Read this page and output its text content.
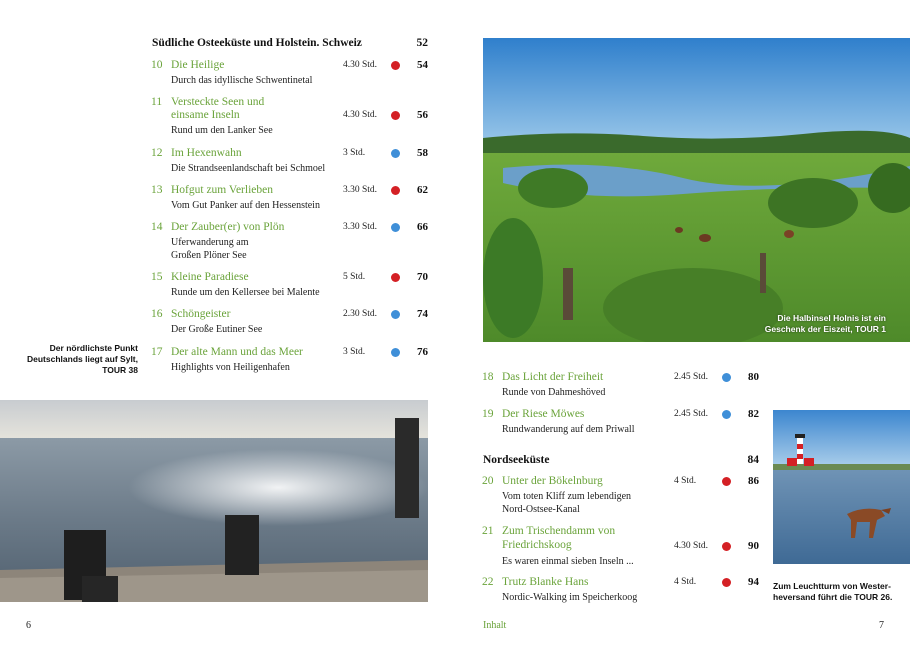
Südliche Osteeküste und Holstein. Schweiz	52
10 Die Heilige
Durch das idyllische Schwentinetal
4.30 Std.	54
11 Versteckte Seen und
einsame Inseln
Rund um den Lanker See
4.30 Std.	56
12 Im Hexenwahn
Die Strandseenlandschaft bei Schmoel
3 Std.	58
13 Hofgut zum Verlieben
Vom Gut Panker auf den Hessenstein
3.30 Std.	62
14 Der Zauber(er) von Plön
Uferwanderung am
Großen Plöner See
3.30 Std.	66
15 Kleine Paradiese
Runde um den Kellersee bei Malente
5 Std.	70
16 Schöngeister
Der Große Eutiner See
2.30 Std.	74
17 Der alte Mann und das Meer
Highlights von Heiligenhafen
3 Std.	76
Der nördlichste Punkt
Deutschlands liegt auf Sylt,
TOUR 38
6
Die Halbinsel Holnis ist ein
Geschenk der Eiszeit, TOUR 1
18 Das Licht der Freiheit
Runde von Dahmeshöved
2.45 Std.	80
19 Der Riese Möwes
Rundwanderung auf dem Priwall
2.45 Std.	82
Nordseeküste	84
20 Unter der Bökelnburg
Vom toten Kliff zum lebendigen
Nord-Ostsee-Kanal
4 Std.	86
21 Zum Trischendamm von
Friedrichskoog
Es waren einmal sieben Inseln ...
4.30 Std.	90
22 Trutz Blanke Hans
Nordic-Walking im Speicherkoog
4 Std.	94 Zum Leuchtturm von Wester-
heversand führt die TOUR 26.
Inhalt	7
